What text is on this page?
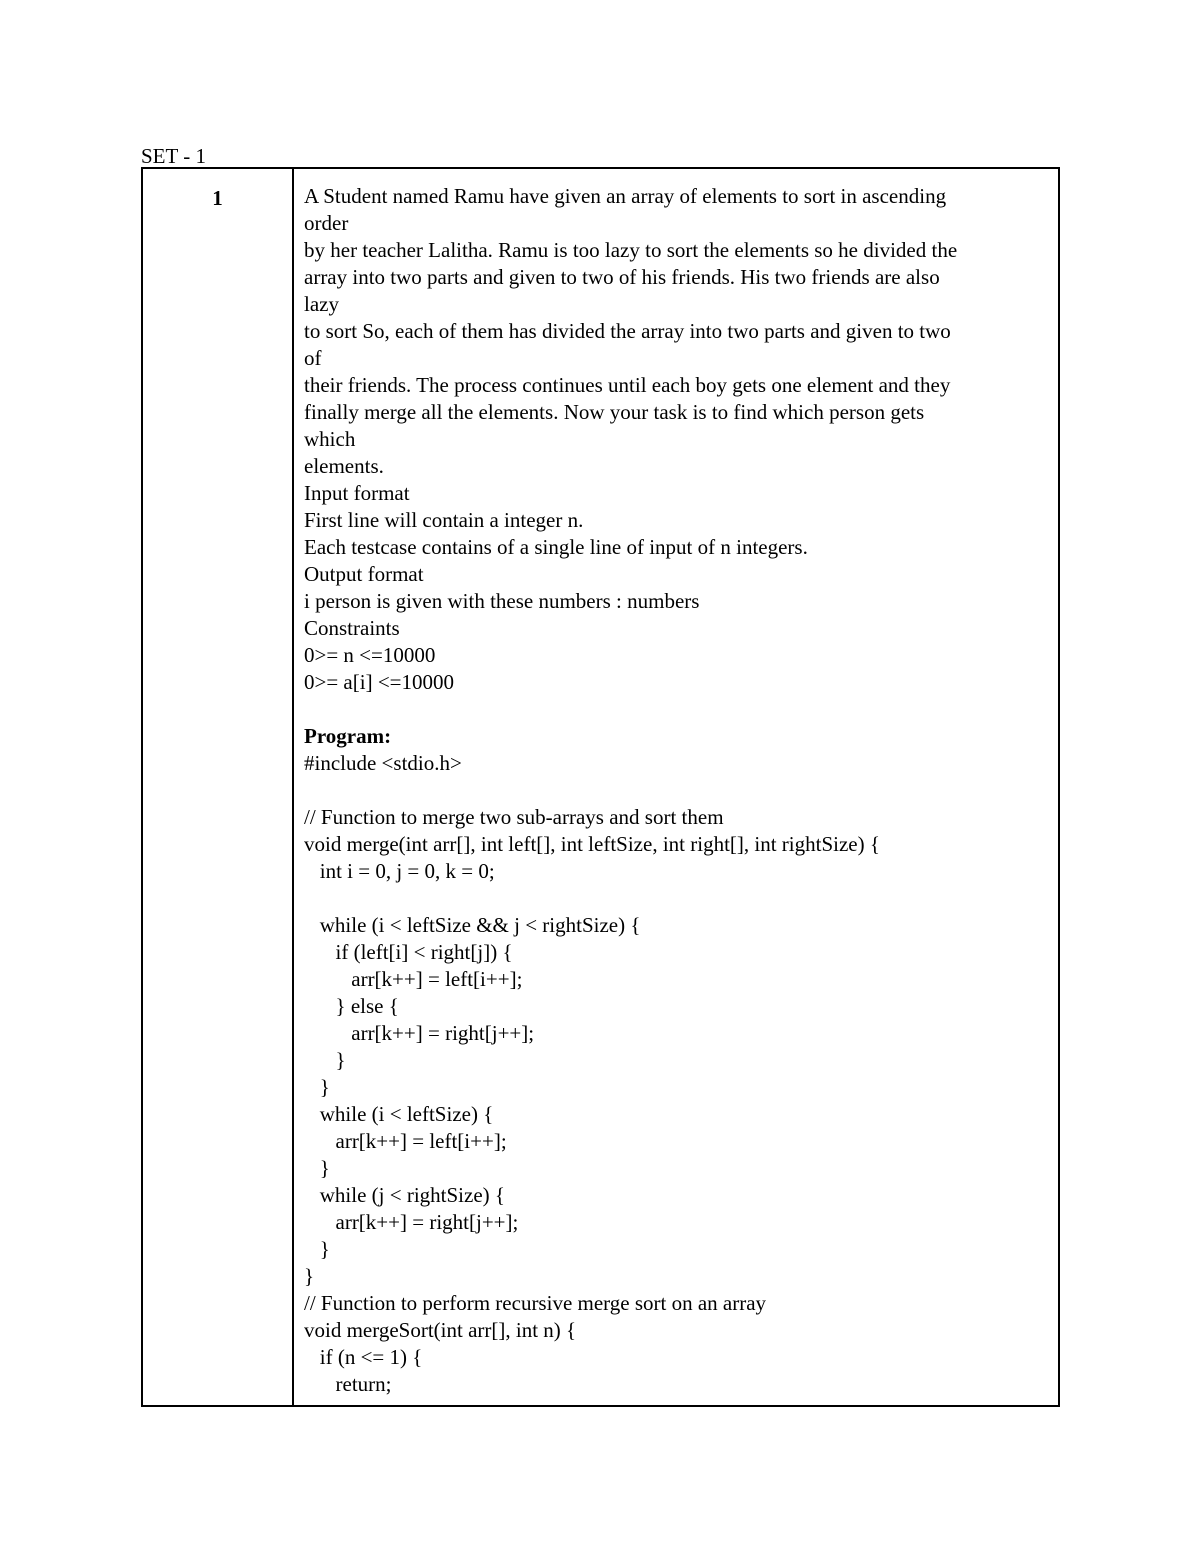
SET - 1
1	A Student named Ramu have given an array of elements to sort in ascending
order
by her teacher Lalitha. Ramu is too lazy to sort the elements so he divided the
array into two parts and given to two of his friends. His two friends are also
lazy
to sort So, each of them has divided the array into two parts and given to two
of
their friends. The process continues until each boy gets one element and they
finally merge all the elements. Now your task is to find which person gets
which
elements.
Input format
First line will contain a integer n.
Each testcase contains of a single line of input of n integers.
Output format
i person is given with these numbers : numbers
Constraints
0>= n <=10000
0>= a[i] <=10000
Program:
#include <stdio.h>
// Function to merge two sub-arrays and sort them
void merge(int arr[], int left[], int leftSize, int right[], int rightSize) {
int i = 0, j = 0, k = 0;
while (i < leftSize && j < rightSize) {
if (left[i] < right[j]) {
arr[k++] = left[i++];
} else {
arr[k++] = right[j++];
}
}
while (i < leftSize) {
arr[k++] = left[i++];
}
while (j < rightSize) {
arr[k++] = right[j++];
}
}
// Function to perform recursive merge sort on an array
void mergeSort(int arr[], int n) {
if (n <= 1) {
return;
